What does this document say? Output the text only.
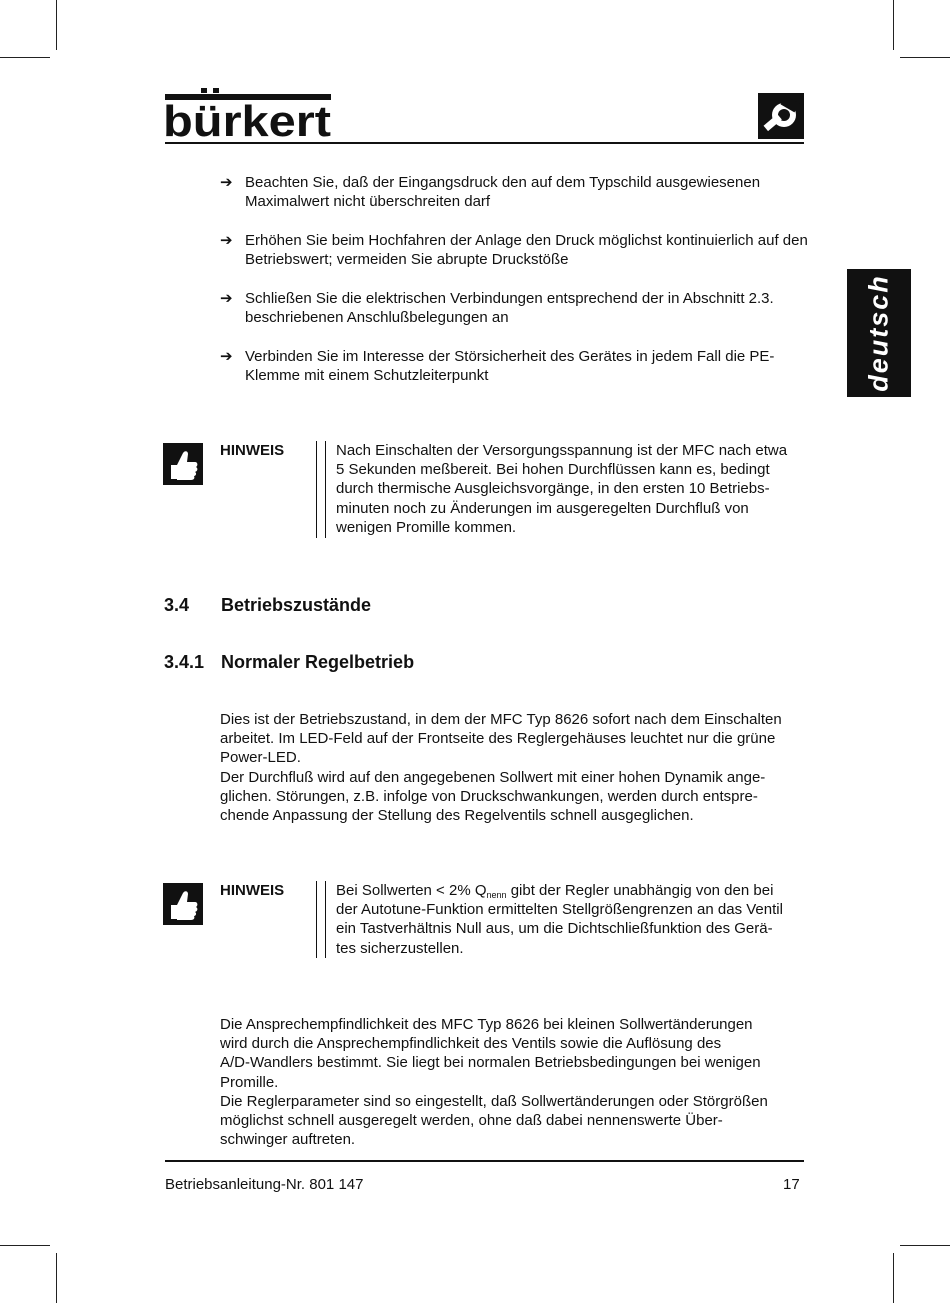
bürkert
deutsch
➔ Beachten Sie, daß der Eingangsdruck den auf dem Typschild ausgewiesenen Maximalwert nicht überschreiten darf
➔ Erhöhen Sie beim Hochfahren der Anlage den Druck möglichst kontinuierlich auf den Betriebswert; vermeiden Sie abrupte Druckstöße
➔ Schließen Sie die elektrischen Verbindungen entsprechend der in Abschnitt 2.3. beschriebenen Anschlußbelegungen an
➔ Verbinden Sie im Interesse der Störsicherheit des Gerätes in jedem Fall die PE-Klemme mit einem Schutzleiterpunkt
HINWEIS	Nach Einschalten der Versorgungsspannung ist der MFC nach etwa
5 Sekunden meßbereit. Bei hohen Durchflüssen kann es, bedingt
durch thermische Ausgleichsvorgänge, in den ersten 10 Betriebs-
minuten noch zu Änderungen im ausgeregelten Durchfluß von
wenigen Promille kommen.
3.4 Betriebszustände
3.4.1 Normaler Regelbetrieb

Dies ist der Betriebszustand, in dem der MFC Typ 8626 sofort nach dem Einschalten

arbeitet. Im LED-Feld auf der Frontseite des Reglergehäuses leuchtet nur die grüne

Power-LED.

Der Durchfluß wird auf den angegebenen Sollwert mit einer hohen Dynamik ange-

glichen. Störungen, z.B. infolge von Druckschwankungen, werden durch entspre-

chende Anpassung der Stellung des Regelventils schnell ausgeglichen.

HINWEIS	Bei Sollwerten < 2% $Q_{nenn}$ gibt der Regler unabhängig von den bei
der Autotune-Funktion ermittelten Stellgrößengrenzen an das Ventil
ein Tastverhältnis Null aus, um die Dichtschließfunktion des Gerä-
tes sicherzustellen.

Die Ansprechempfindlichkeit des MFC Typ 8626 bei kleinen Sollwertänderungen

wird durch die Ansprechempfindlichkeit des Ventils sowie die Auflösung des

A/D-Wandlers bestimmt. Sie liegt bei normalen Betriebsbedingungen bei wenigen

Promille.

Die Reglerparameter sind so eingestellt, daß Sollwertänderungen oder Störgrößen

möglichst schnell ausgeregelt werden, ohne daß dabei nennenswerte Über-

schwinger auftreten.

Betriebsanleitung-Nr. 801 147	17
